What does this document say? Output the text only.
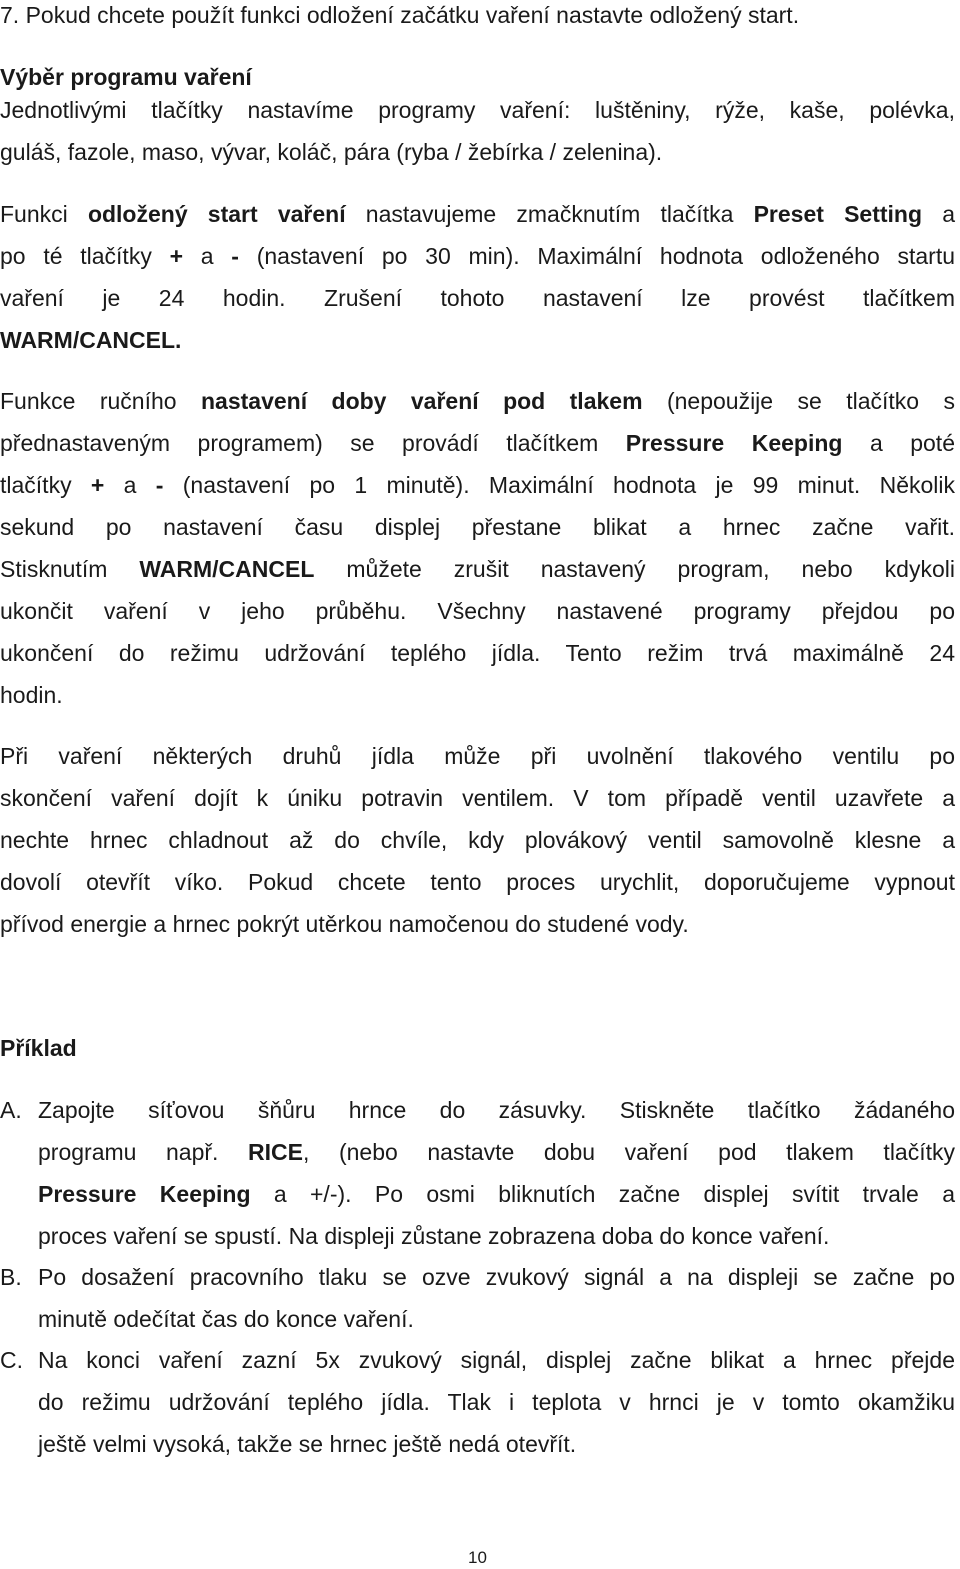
7. Pokud chcete použít funkci odložení začátku vaření nastavte odložený start.
Výběr programu vaření
Jednotlivými tlačítky nastavíme programy vaření: luštěniny, rýže, kaše, polévka,
guláš, fazole, maso, vývar, koláč, pára (ryba / žebírka / zelenina).
Funkci odložený start vaření nastavujeme zmačknutím tlačítka Preset Setting a
po té tlačítky + a - (nastavení po 30 min). Maximální hodnota odloženého startu
vaření je 24 hodin. Zrušení tohoto nastavení lze provést tlačítkem
WARM/CANCEL.
Funkce ručního nastavení doby vaření pod tlakem (nepoužije se tlačítko s
přednastaveným programem) se provádí tlačítkem Pressure Keeping a poté
tlačítky + a - (nastavení po 1 minutě). Maximální hodnota je 99 minut. Několik
sekund po nastavení času displej přestane blikat a hrnec začne vařit.
Stisknutím WARM/CANCEL můžete zrušit nastavený program, nebo kdykoli
ukončit vaření v jeho průběhu. Všechny nastavené programy přejdou po
ukončení do režimu udržování teplého jídla. Tento režim trvá maximálně 24
hodin.
Při vaření některých druhů jídla může při uvolnění tlakového ventilu po
skončení vaření dojít k úniku potravin ventilem. V tom případě ventil uzavřete a
nechte hrnec chladnout až do chvíle, kdy plovákový ventil samovolně klesne a
dovolí otevřít víko. Pokud chcete tento proces urychlit, doporučujeme vypnout
přívod energie a hrnec pokrýt utěrkou namočenou do studené vody.
Příklad
A. Zapojte síťovou šňůru hrnce do zásuvky. Stiskněte tlačítko žádaného
programu např. RICE, (nebo nastavte dobu vaření pod tlakem tlačítky
Pressure Keeping a +/-). Po osmi bliknutích začne displej svítit trvale a
proces vaření se spustí. Na displeji zůstane zobrazena doba do konce vaření.
B. Po dosažení pracovního tlaku se ozve zvukový signál a na displeji se začne po
minutě odečítat čas do konce vaření.
C. Na konci vaření zazní 5x zvukový signál, displej začne blikat a hrnec přejde
do režimu udržování teplého jídla. Tlak i teplota v hrnci je v tomto okamžiku
ještě velmi vysoká, takže se hrnec ještě nedá otevřít.
10
